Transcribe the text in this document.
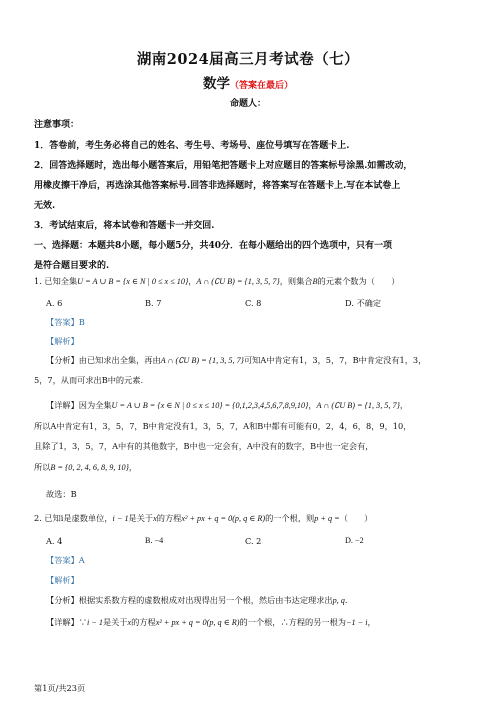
湖南2024届高三月考试卷（七）
数学（答案在最后）
命题人：
注意事项：
1．答卷前，考生务必将自己的姓名、考生号、考场号、座位号填写在答题卡上.
2．回答选择题时，选出每小题答案后，用铅笔把答题卡上对应题目的答案标号涂黑.如需改动，
用橡皮擦干净后，再选涂其他答案标号.回答非选择题时，将答案写在答题卡上.写在本试卷上
无效.
3．考试结束后，将本试卷和答题卡一并交回.
一、选择题：本题共8小题，每小题5分，共40分．在每小题给出的四个选项中，只有一项
是符合题目要求的.
1. 已知全集U = A ∪ B = {x ∈ N | 0 ≤ x ≤ 10}，A ∩ (∁U B) = {1, 3, 5, 7}，则集合B的元素个数为（　　）
A. 6	B. 7	C. 8	D. 不确定
【答案】B
【解析】
【分析】由已知求出全集，再由A ∩ (∁U B) = {1, 3, 5, 7}可知A中肯定有1，3，5，7，B中肯定没有1，3，
5，7，从而可求出B中的元素.
【详解】因为全集U = A ∪ B = {x ∈ N | 0 ≤ x ≤ 10} = {0,1,2,3,4,5,6,7,8,9,10}，A ∩ (∁U B) = {1, 3, 5, 7}，
所以A中肯定有1，3，5，7，B中肯定没有1，3，5，7，A和B中都有可能有0，2，4，6，8，9，10，
且除了1，3，5，7，A中有的其他数字，B中也一定会有，A中没有的数字，B中也一定会有，
所以B = {0, 2, 4, 6, 8, 9, 10}，
故选：B
2. 已知i是虚数单位，i − 1是关于x的方程x² + px + q = 0(p, q ∈ R)的一个根，则p + q =（　　）
A. 4	B. −4	C. 2	D. −2
【答案】A
【解析】
【分析】根据实系数方程的虚数根成对出现得出另一个根，然后由韦达定理求出p, q.
【详解】∵i − 1是关于x的方程x² + px + q = 0(p, q ∈ R)的一个根，∴方程的另一根为−1 − i，
第1页/共23页
